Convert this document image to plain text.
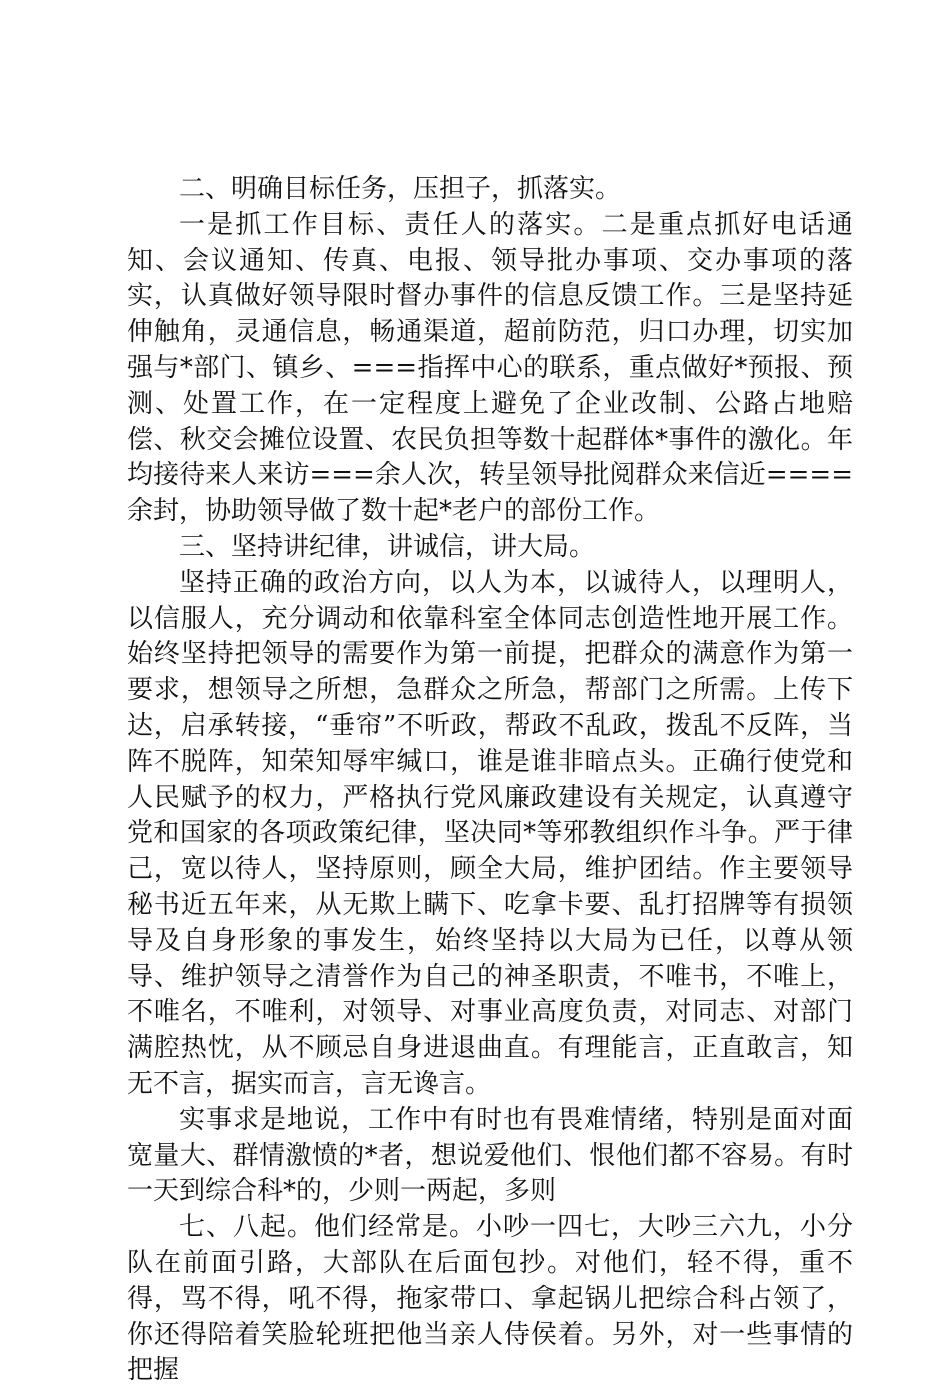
二、明确目标任务，压担子，抓落实。

一是抓工作目标、责任人的落实。二是重点抓好电话通知、会议通知、传真、电报、领导批办事项、交办事项的落实，认真做好领导限时督办事件的信息反馈工作。三是坚持延伸触角，灵通信息，畅通渠道，超前防范，归口办理，切实加强与*部门、镇乡、===指挥中心的联系，重点做好*预报、预测、处置工作，在一定程度上避免了企业改制、公路占地赔偿、秋交会摊位设置、农民负担等数十起群体*事件的激化。年均接待来人来访===余人次，转呈领导批阅群众来信近====余封，协助领导做了数十起*老户的部份工作。

三、坚持讲纪律，讲诚信，讲大局。

坚持正确的政治方向，以人为本，以诚待人，以理明人，以信服人，充分调动和依靠科室全体同志创造性地开展工作。始终坚持把领导的需要作为第一前提，把群众的满意作为第一要求，想领导之所想，急群众之所急，帮部门之所需。上传下达，启承转接，“垂帘”不听政，帮政不乱政，拨乱不反阵，当阵不脱阵，知荣知辱牢缄口，谁是谁非暗点头。正确行使党和人民赋予的权力，严格执行党风廉政建设有关规定，认真遵守党和国家的各项政策纪律，坚决同*等邪教组织作斗争。严于律己，宽以待人，坚持原则，顾全大局，维护团结。作主要领导秘书近五年来，从无欺上瞒下、吃拿卡要、乱打招牌等有损领导及自身形象的事发生，始终坚持以大局为已任，以尊从领导、维护领导之清誉作为自己的神圣职责，不唯书，不唯上，不唯名，不唯利，对领导、对事业高度负责，对同志、对部门满腔热忱，从不顾忌自身进退曲直。有理能言，正直敢言，知无不言，据实而言，言无谗言。

实事求是地说，工作中有时也有畏难情绪，特别是面对面宽量大、群情激愤的*者，想说爱他们、恨他们都不容易。有时一天到综合科*的，少则一两起，多则

七、八起。他们经常是。小吵一四七，大吵三六九，小分队在前面引路，大部队在后面包抄。对他们，轻不得，重不得，骂不得，吼不得，拖家带口、拿起锅儿把综合科占领了，你还得陪着笑脸轮班把他当亲人侍侯着。另外，对一些事情的把握
